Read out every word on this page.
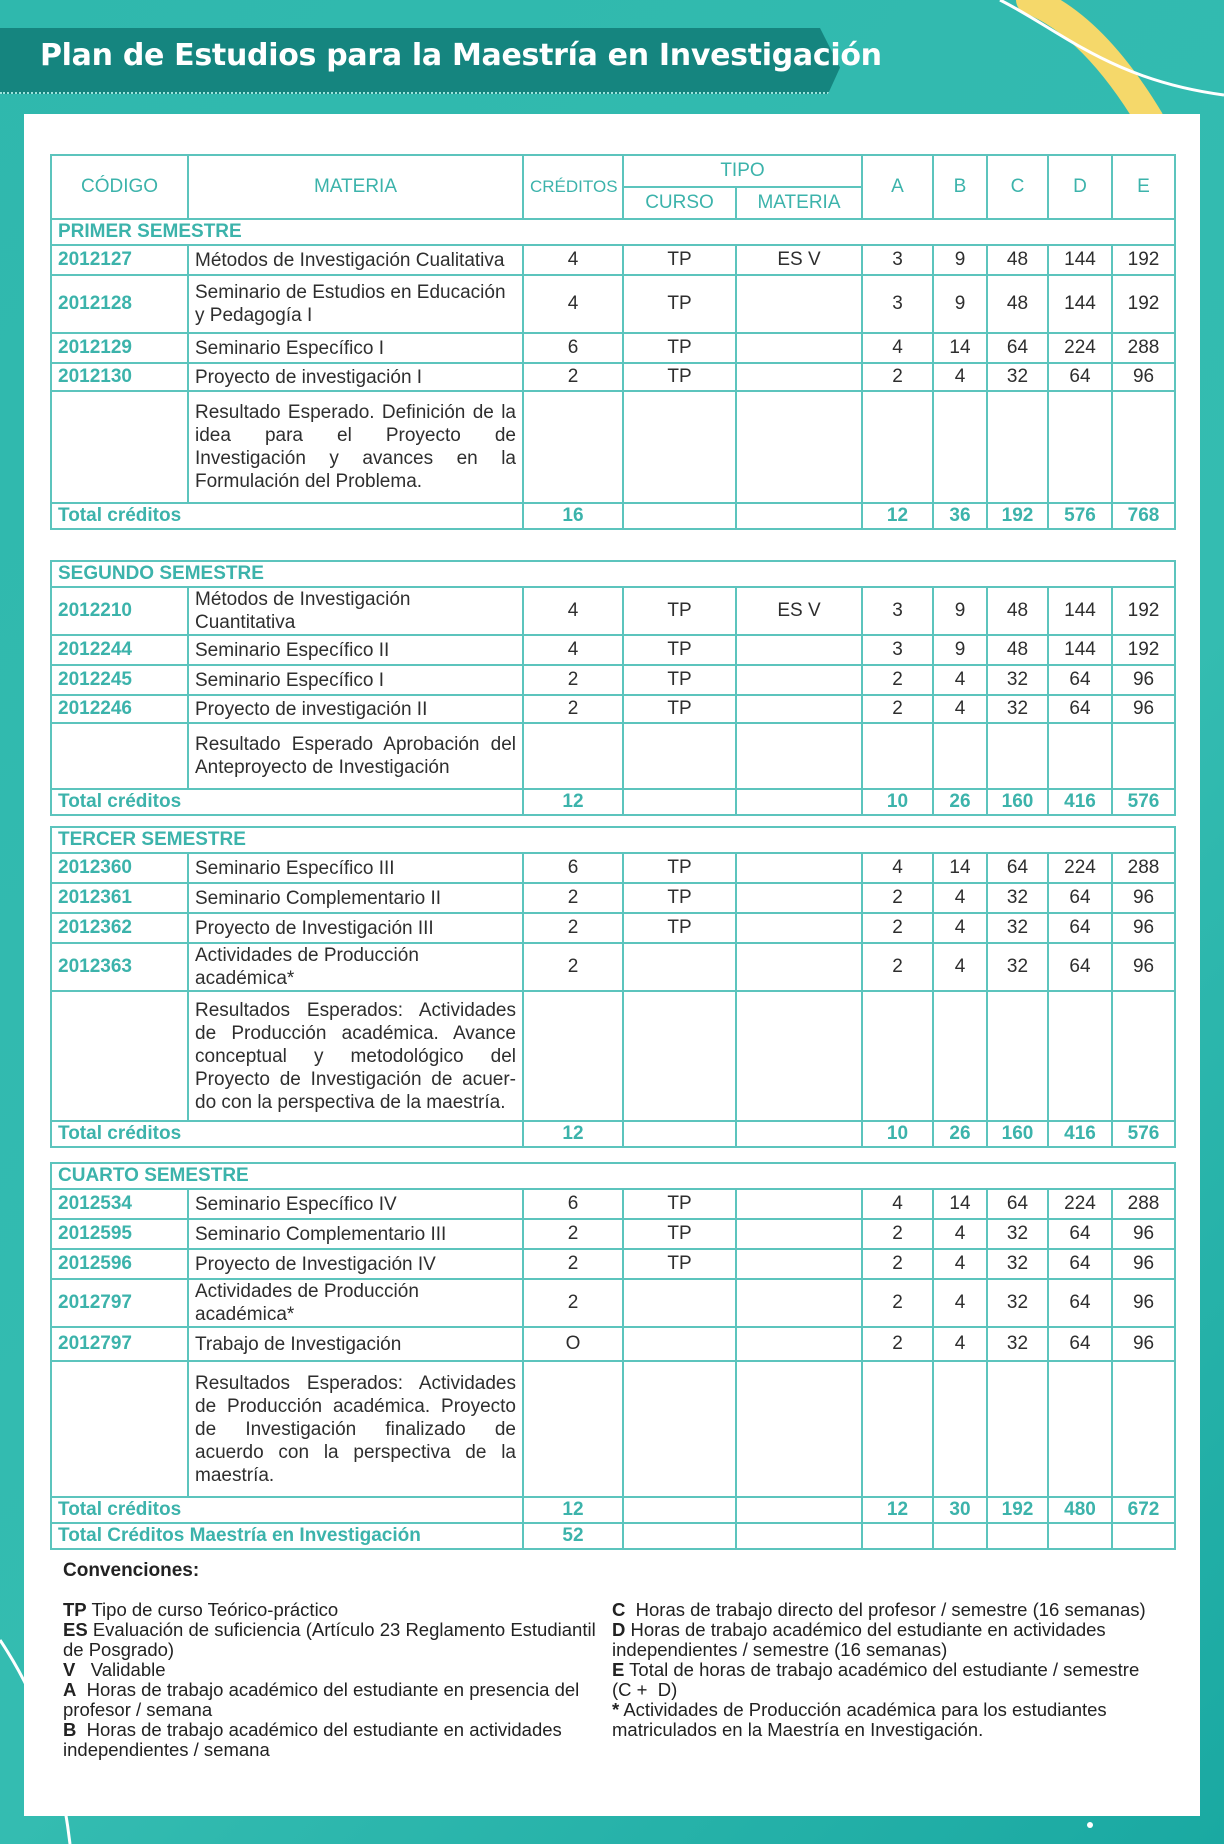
Plan de Estudios para la Maestría en Investigación
CÓDIGO	MATERIA	CRÉDITOS	TIPO		A	B	C	D	E
			CURSO	MATERIA					
PRIMER SEMESTRE									
2012127	Métodos de Investigación Cualitativa	4	TP	ES V	3	9	48	144	192
2012128	Seminario de Estudios en Educación y Pedagogía I	4	TP		3	9	48	144	192
2012129	Seminario Específico I	6	TP		4	14	64	224	288
2012130	Proyecto de investigación I	2	TP		2	4	32	64	96
	Resultado Esperado. Definición de la idea para el Proyecto de Investigación y avances en la Formulación del Problema.								
Total créditos		16			12	36	192	576	768
SEGUNDO SEMESTRE									
2012210	Métodos de Investigación Cuantitativa	4	TP	ES V	3	9	48	144	192
2012244	Seminario Específico II	4	TP		3	9	48	144	192
2012245	Seminario Específico I	2	TP		2	4	32	64	96
2012246	Proyecto de investigación II	2	TP		2	4	32	64	96
	Resultado Esperado Aprobación del Anteproyecto de Investigación								
Total créditos		12			10	26	160	416	576
TERCER SEMESTRE									
2012360	Seminario Específico III	6	TP		4	14	64	224	288
2012361	Seminario Complementario II	2	TP		2	4	32	64	96
2012362	Proyecto de Investigación III	2	TP		2	4	32	64	96
2012363	Actividades de Producción académica*	2			2	4	32	64	96
	Resultados Esperados: Actividades de Producción académica. Avance conceptual y metodológico del Proyecto de Investigación de acuer-do con la perspectiva de la maestría.								
Total créditos		12			10	26	160	416	576
CUARTO SEMESTRE									
2012534	Seminario Específico IV	6	TP		4	14	64	224	288
2012595	Seminario Complementario III	2	TP		2	4	32	64	96
2012596	Proyecto de Investigación IV	2	TP		2	4	32	64	96
2012797	Actividades de Producción académica*	2			2	4	32	64	96
2012797	Trabajo de Investigación	O			2	4	32	64	96
	Resultados Esperados: Actividades de Producción académica. Proyecto de Investigación finalizado de acuerdo con la perspectiva de la maestría.								
Total créditos		12			12	30	192	480	672
Total Créditos Maestría en Investigación		52							
Convenciones:
TP Tipo de curso Teórico-práctico
ES Evaluación de suficiencia (Artículo 23 Reglamento Estudiantil de Posgrado)
V   Validable
A  Horas de trabajo académico del estudiante en presencia del profesor / semana
B  Horas de trabajo académico del estudiante en actividades independientes / semana
C  Horas de trabajo directo del profesor / semestre (16 semanas)
D Horas de trabajo académico del estudiante en actividades independientes / semestre (16 semanas)
E Total de horas de trabajo académico del estudiante / semestre (C +  D)
* Actividades de Producción académica para los estudiantes matriculados en la Maestría en Investigación.
